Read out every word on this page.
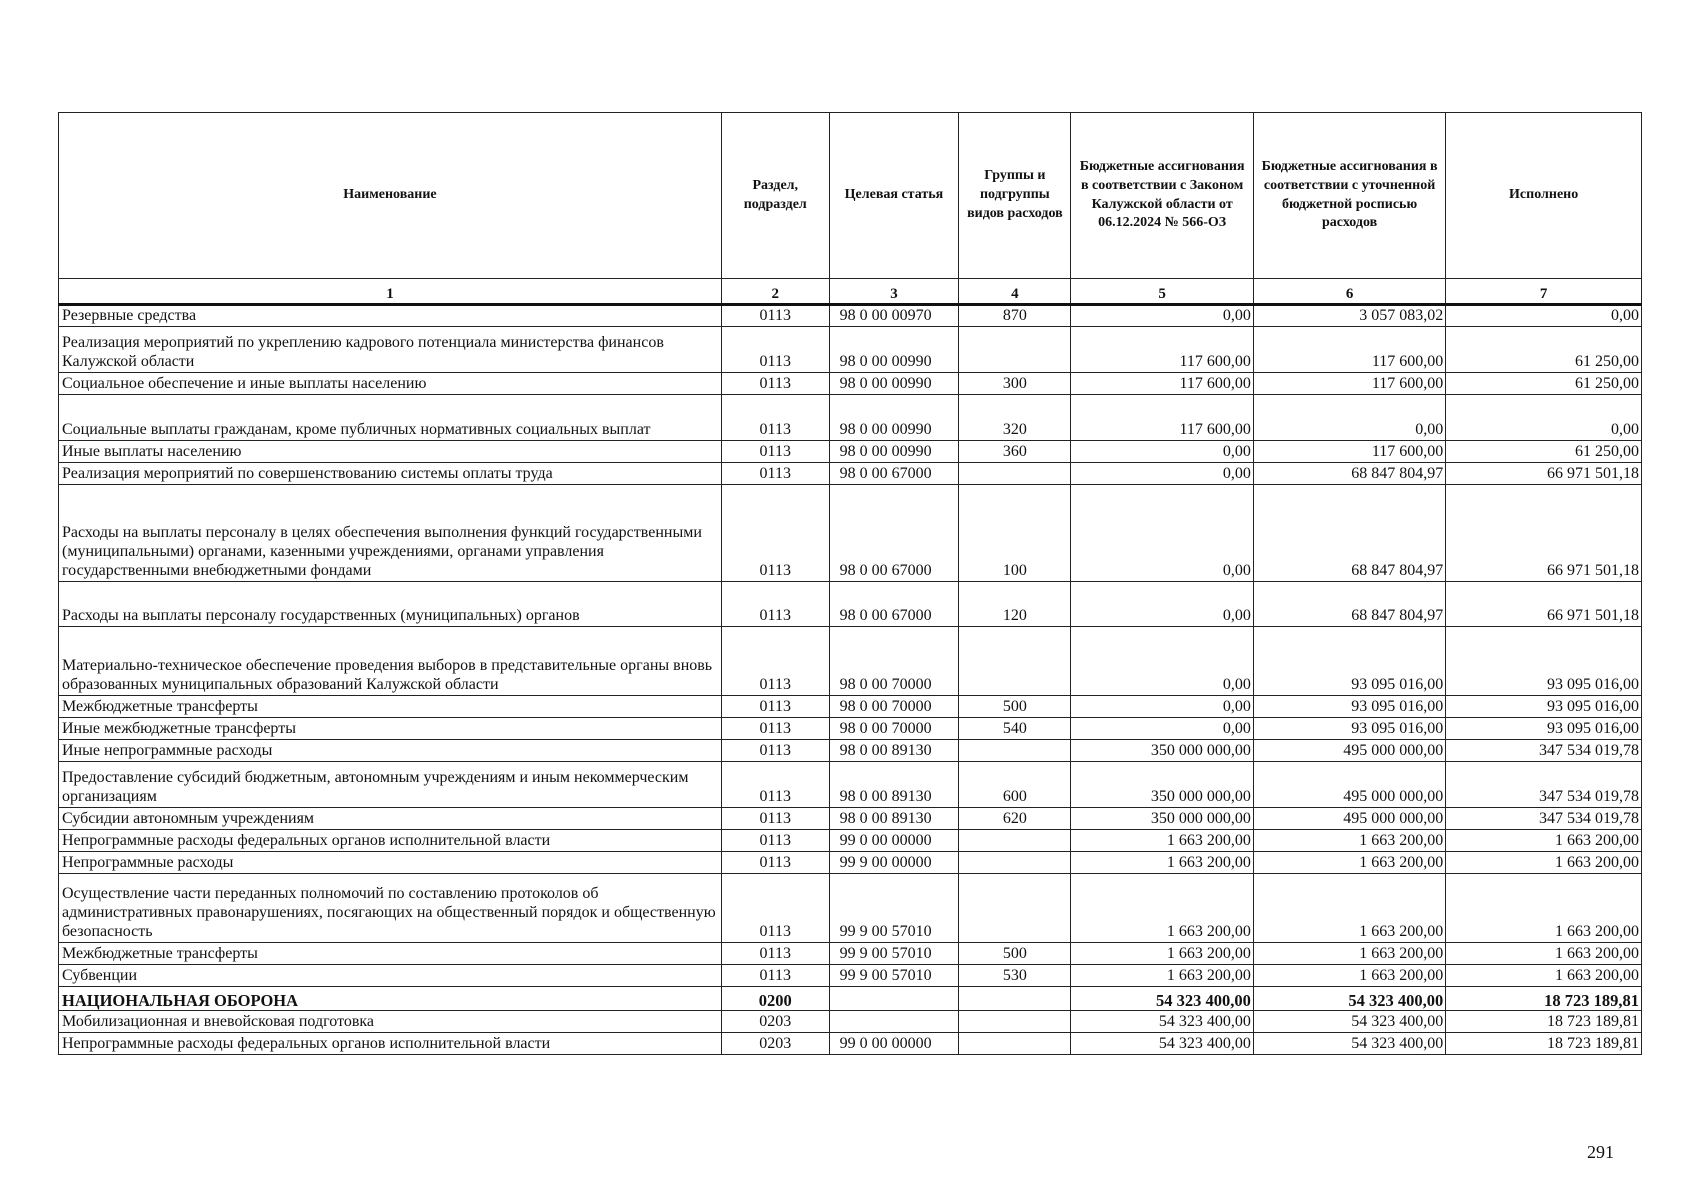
Наименование	Раздел, подраздел	Целевая статья	Группы и подгруппы видов расходов	Бюджетные ассигнования в соответствии с Законом Калужской области от 06.12.2024 № 566-ОЗ	Бюджетные ассигнования в соответствии с уточненной бюджетной росписью расходов	Исполнено
1	2	3	4	5	6	7
Резервные средства	0113	98 0 00 00970	870	0,00	3 057 083,02	0,00
Реализация мероприятий по укреплению кадрового потенциала министерства финансов Калужской области	0113	98 0 00 00990		117 600,00	117 600,00	61 250,00
Социальное обеспечение и иные выплаты населению	0113	98 0 00 00990	300	117 600,00	117 600,00	61 250,00
Социальные выплаты гражданам, кроме публичных нормативных социальных выплат	0113	98 0 00 00990	320	117 600,00	0,00	0,00
Иные выплаты населению	0113	98 0 00 00990	360	0,00	117 600,00	61 250,00
Реализация мероприятий по совершенствованию системы оплаты труда	0113	98 0 00 67000		0,00	68 847 804,97	66 971 501,18
Расходы на выплаты персоналу в целях обеспечения выполнения функций государственными (муниципальными) органами, казенными учреждениями, органами управления государственными внебюджетными фондами	0113	98 0 00 67000	100	0,00	68 847 804,97	66 971 501,18
Расходы на выплаты персоналу государственных (муниципальных) органов	0113	98 0 00 67000	120	0,00	68 847 804,97	66 971 501,18
Материально-техническое обеспечение проведения выборов в представительные органы вновь образованных муниципальных образований Калужской области	0113	98 0 00 70000		0,00	93 095 016,00	93 095 016,00
Межбюджетные трансферты	0113	98 0 00 70000	500	0,00	93 095 016,00	93 095 016,00
Иные межбюджетные трансферты	0113	98 0 00 70000	540	0,00	93 095 016,00	93 095 016,00
Иные непрограммные расходы	0113	98 0 00 89130		350 000 000,00	495 000 000,00	347 534 019,78
Предоставление субсидий бюджетным, автономным учреждениям и иным некоммерческим организациям	0113	98 0 00 89130	600	350 000 000,00	495 000 000,00	347 534 019,78
Субсидии автономным учреждениям	0113	98 0 00 89130	620	350 000 000,00	495 000 000,00	347 534 019,78
Непрограммные расходы федеральных органов исполнительной власти	0113	99 0 00 00000		1 663 200,00	1 663 200,00	1 663 200,00
Непрограммные расходы	0113	99 9 00 00000		1 663 200,00	1 663 200,00	1 663 200,00
Осуществление части переданных полномочий по составлению протоколов об административных правонарушениях, посягающих на общественный порядок и общественную безопасность	0113	99 9 00 57010		1 663 200,00	1 663 200,00	1 663 200,00
Межбюджетные трансферты	0113	99 9 00 57010	500	1 663 200,00	1 663 200,00	1 663 200,00
Субвенции	0113	99 9 00 57010	530	1 663 200,00	1 663 200,00	1 663 200,00
НАЦИОНАЛЬНАЯ ОБОРОНА	0200			54 323 400,00	54 323 400,00	18 723 189,81
Мобилизационная и вневойсковая подготовка	0203			54 323 400,00	54 323 400,00	18 723 189,81
Непрограммные расходы федеральных органов исполнительной власти	0203	99 0 00 00000		54 323 400,00	54 323 400,00	18 723 189,81
291
